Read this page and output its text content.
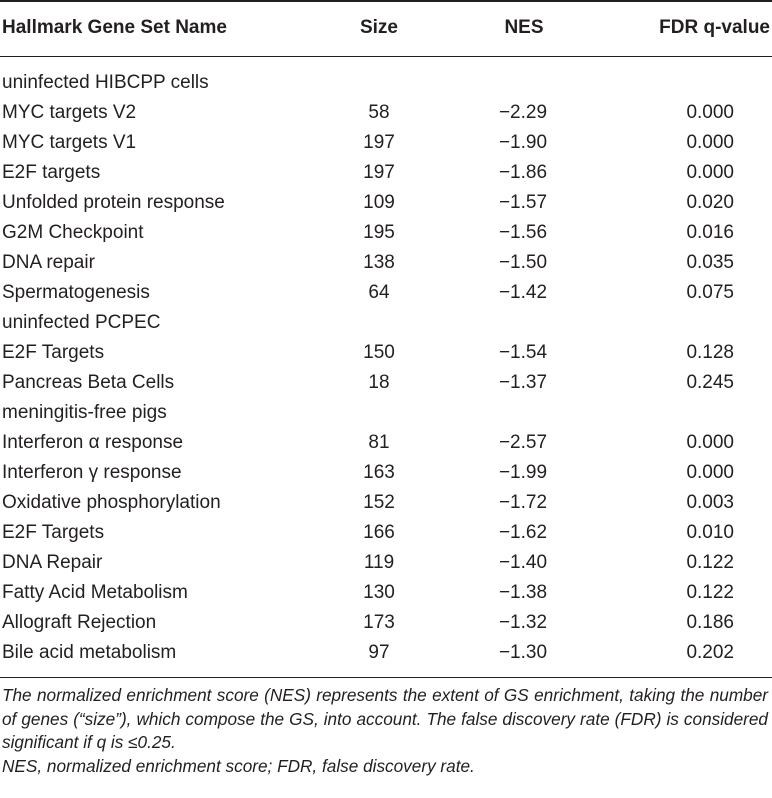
Hallmark Gene Set Name	Size	NES	FDR q-value
uninfected HIBCPP cells
MYC targets V2	58	−2.29	0.000
MYC targets V1	197	−1.90	0.000
E2F targets	197	−1.86	0.000
Unfolded protein response	109	−1.57	0.020
G2M Checkpoint	195	−1.56	0.016
DNA repair	138	−1.50	0.035
Spermatogenesis	64	−1.42	0.075
uninfected PCPEC
E2F Targets	150	−1.54	0.128
Pancreas Beta Cells	18	−1.37	0.245
meningitis-free pigs
Interferon α response	81	−2.57	0.000
Interferon γ response	163	−1.99	0.000
Oxidative phosphorylation	152	−1.72	0.003
E2F Targets	166	−1.62	0.010
DNA Repair	119	−1.40	0.122
Fatty Acid Metabolism	130	−1.38	0.122
Allograft Rejection	173	−1.32	0.186
Bile acid metabolism	97	−1.30	0.202

The normalized enrichment score (NES) represents the extent of GS enrichment, taking the number of genes (“size”), which compose the GS, into account. The false discovery rate (FDR) is considered significant if q is ≤0.25.

NES, normalized enrichment score; FDR, false discovery rate.
